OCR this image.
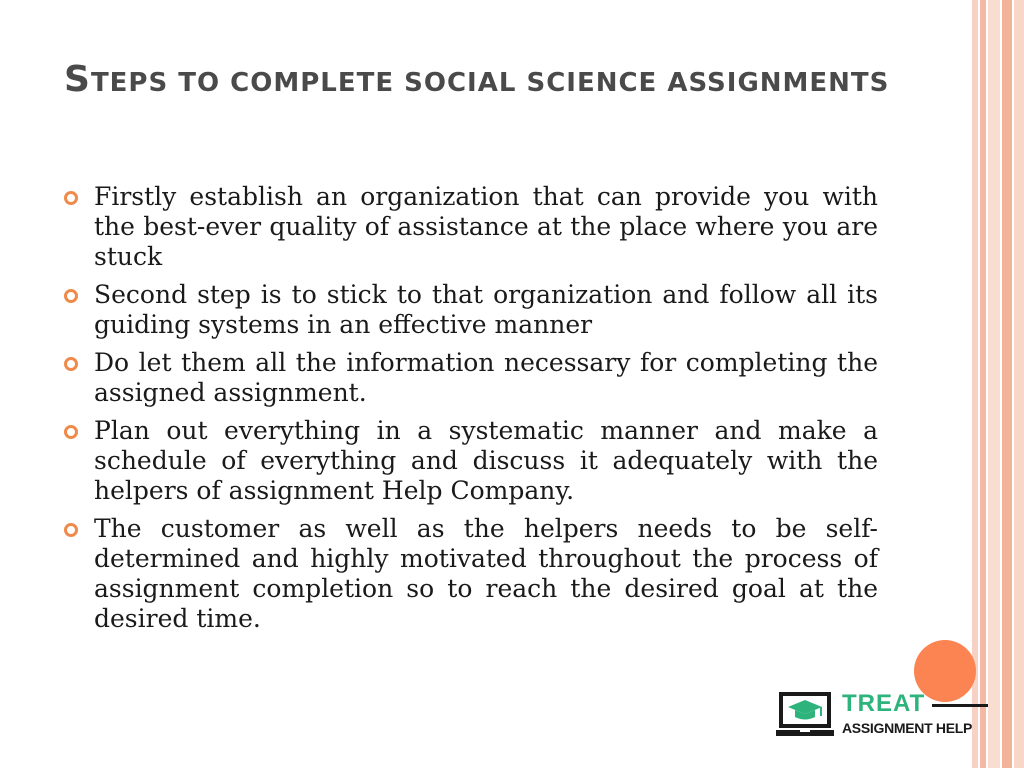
STEPS TO COMPLETE SOCIAL SCIENCE ASSIGNMENTS
Firstly establish an organization that can provide you with the best-ever quality of assistance at the place where you are stuck
Second step is to stick to that organization and follow all its guiding systems in an effective manner
Do let them all the information necessary for completing the assigned assignment.
Plan out everything in a systematic manner and make a schedule of everything and discuss it adequately with the helpers of assignment Help Company.
The customer as well as the helpers needs to be self-determined and highly motivated throughout the process of assignment completion so to reach the desired goal at the desired time.
TREAT
ASSIGNMENT HELP
